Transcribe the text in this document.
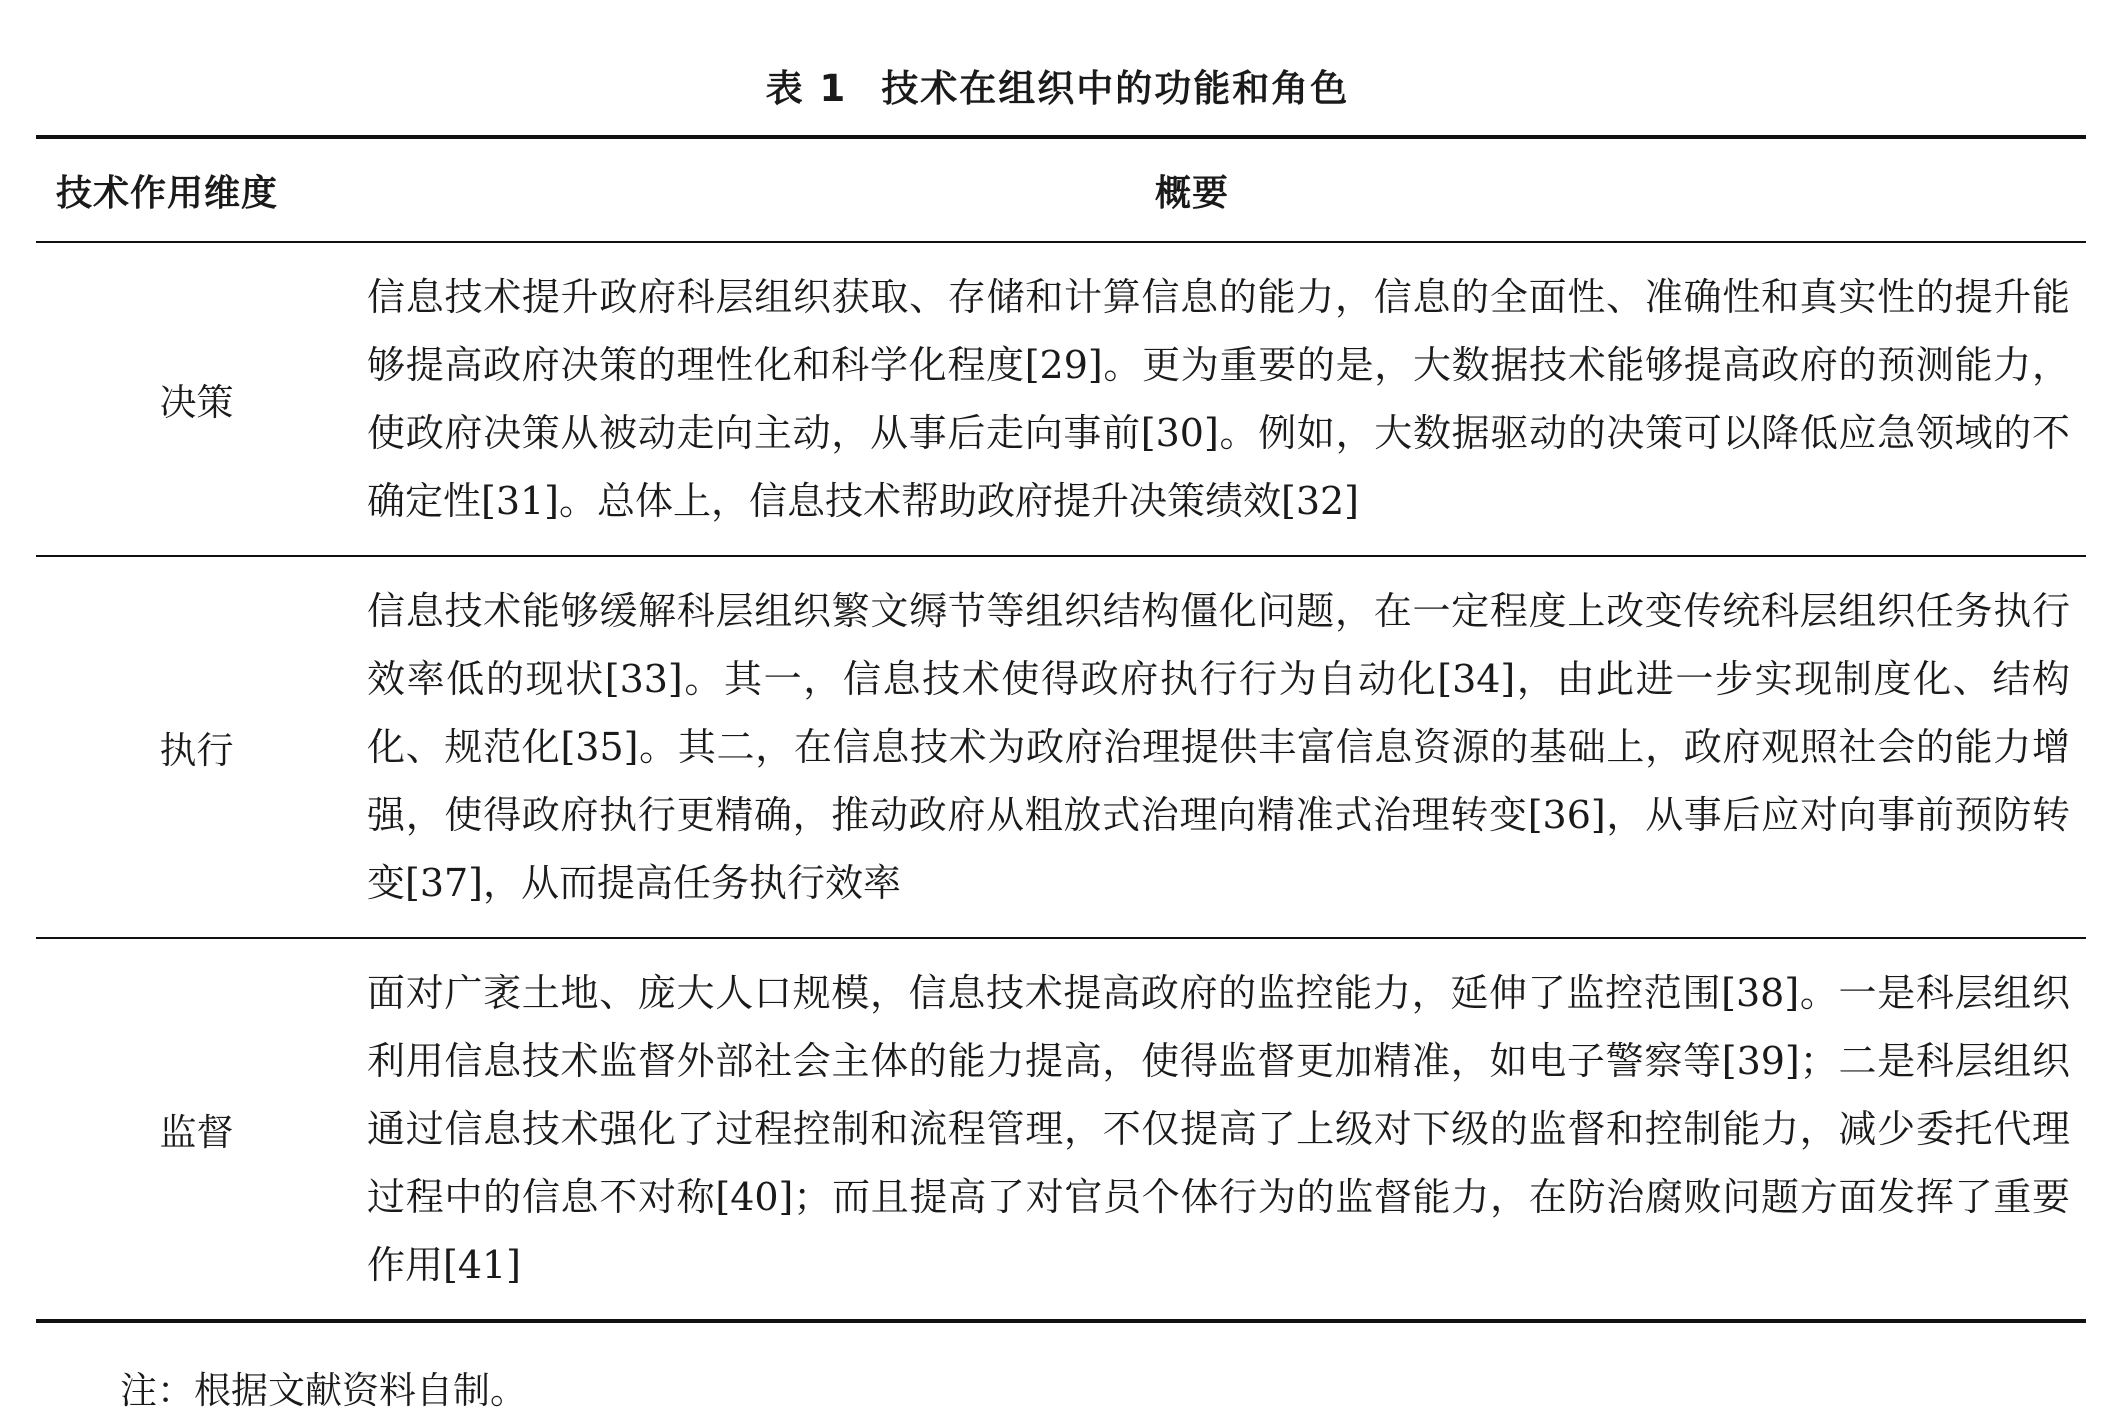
表 1 技术在组织中的功能和角色
技术作用维度	概要
决策	信息技术提升政府科层组织获取、存储和计算信息的能力，信息的全面性、准确性和真实性的提升能够提高政府决策的理性化和科学化程度[29]。更为重要的是，大数据技术能够提高政府的预测能力，使政府决策从被动走向主动，从事后走向事前[30]。例如，大数据驱动的决策可以降低应急领域的不确定性[31]。总体上，信息技术帮助政府提升决策绩效[32]
执行	信息技术能够缓解科层组织繁文缛节等组织结构僵化问题，在一定程度上改变传统科层组织任务执行效率低的现状[33]。其一，信息技术使得政府执行行为自动化[34]，由此进一步实现制度化、结构化、规范化[35]。其二，在信息技术为政府治理提供丰富信息资源的基础上，政府观照社会的能力增强，使得政府执行更精确，推动政府从粗放式治理向精准式治理转变[36]，从事后应对向事前预防转变[37]，从而提高任务执行效率
监督	面对广袤土地、庞大人口规模，信息技术提高政府的监控能力，延伸了监控范围[38]。一是科层组织利用信息技术监督外部社会主体的能力提高，使得监督更加精准，如电子警察等[39]；二是科层组织通过信息技术强化了过程控制和流程管理，不仅提高了上级对下级的监督和控制能力，减少委托代理过程中的信息不对称[40]；而且提高了对官员个体行为的监督能力，在防治腐败问题方面发挥了重要作用[41]
注：根据文献资料自制。
